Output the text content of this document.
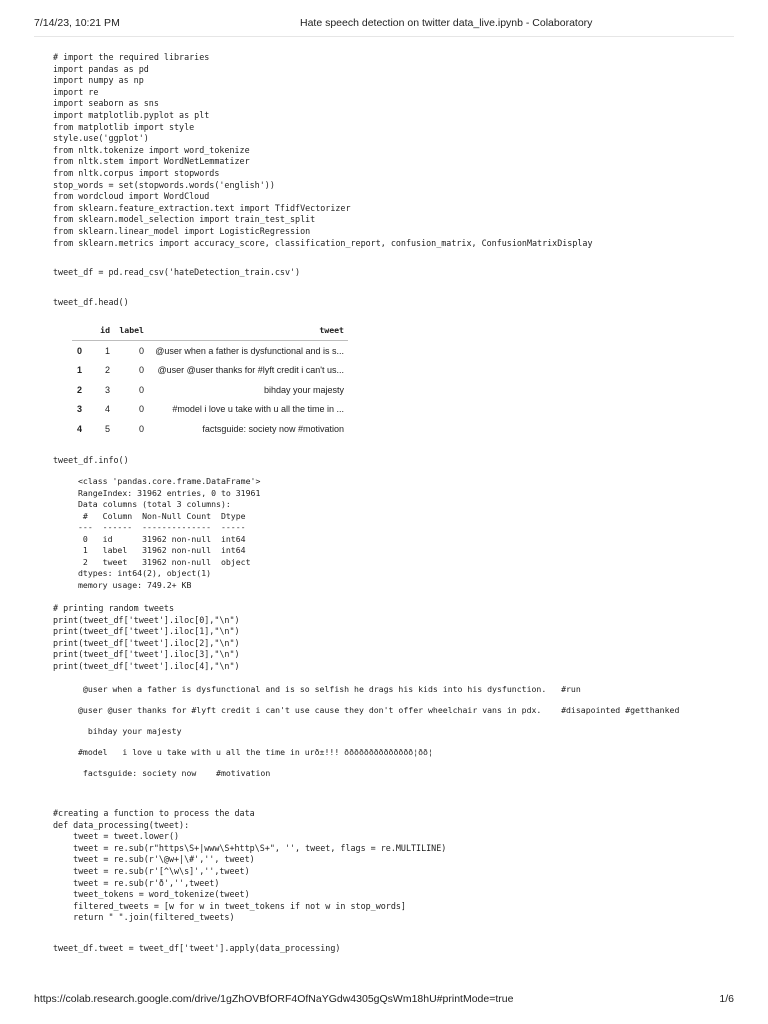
7/14/23, 10:21 PM	Hate speech detection on twitter data_live.ipynb - Colaboratory
# import the required libraries
import pandas as pd
import numpy as np
import re
import seaborn as sns
import matplotlib.pyplot as plt
from matplotlib import style
style.use('ggplot')
from nltk.tokenize import word_tokenize
from nltk.stem import WordNetLemmatizer
from nltk.corpus import stopwords
stop_words = set(stopwords.words('english'))
from wordcloud import WordCloud
from sklearn.feature_extraction.text import TfidfVectorizer
from sklearn.model_selection import train_test_split
from sklearn.linear_model import LogisticRegression
from sklearn.metrics import accuracy_score, classification_report, confusion_matrix, ConfusionMatrixDisplay
tweet_df = pd.read_csv('hateDetection_train.csv')
tweet_df.head()
	id	label	tweet
0	1	0	@user when a father is dysfunctional and is s...
1	2	0	@user @user thanks for #lyft credit i can't us...
2	3	0	bihday your majesty
3	4	0	#model i love u take with u all the time in ...
4	5	0	factsguide: society now #motivation
tweet_df.info()
<class 'pandas.core.frame.DataFrame'>
RangeIndex: 31962 entries, 0 to 31961
Data columns (total 3 columns):
#   Column  Non-Null Count  Dtype
---  ------  --------------  -----
0   id      31962 non-null  int64
1   label   31962 non-null  int64
2   tweet   31962 non-null  object
dtypes: int64(2), object(1)
memory usage: 749.2+ KB
# printing random tweets
print(tweet_df['tweet'].iloc[0],"\n")
print(tweet_df['tweet'].iloc[1],"\n")
print(tweet_df['tweet'].iloc[2],"\n")
print(tweet_df['tweet'].iloc[3],"\n")
print(tweet_df['tweet'].iloc[4],"\n")
@user when a father is dysfunctional and is so selfish he drags his kids into his dysfunction.   #run
@user @user thanks for #lyft credit i can't use cause they don't offer wheelchair vans in pdx.    #disapointed #getthanked
bihday your majesty
#model   i love u take with u all the time in urð±!!! ðððððððððððððð¦ðð¦
factsguide: society now    #motivation
#creating a function to process the data
def data_processing(tweet):
tweet = tweet.lower()
tweet = re.sub(r"https\S+|www\S+http\S+", '', tweet, flags = re.MULTILINE)
tweet = re.sub(r'\@w+|\#','', tweet)
tweet = re.sub(r'[^\w\s]','',tweet)
tweet = re.sub(r'ð','',tweet)
tweet_tokens = word_tokenize(tweet)
filtered_tweets = [w for w in tweet_tokens if not w in stop_words]
return " ".join(filtered_tweets)
tweet_df.tweet = tweet_df['tweet'].apply(data_processing)
https://colab.research.google.com/drive/1gZhOVBfORF4OfNaYGdw4305gQsWm18hU#printMode=true	1/6
